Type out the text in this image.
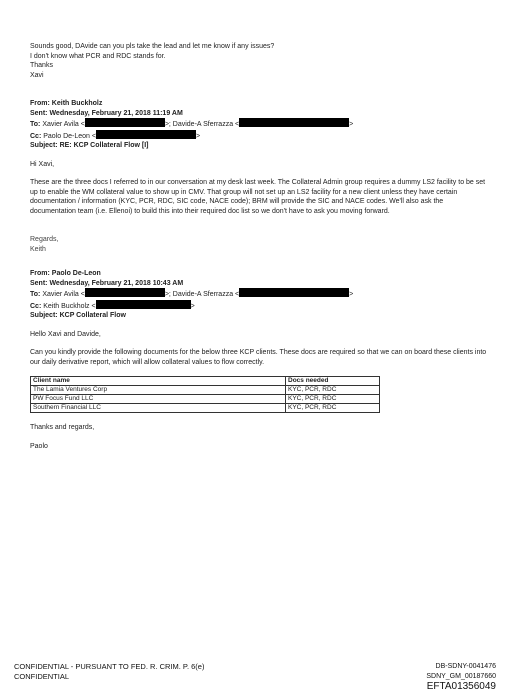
Sounds good, DAvide can you pls take the lead and let me know if any issues?
I don't know what PCR and RDC stands for.
Thanks
Xavi
From: Keith Buckholz
Sent: Wednesday, February 21, 2018 11:19 AM
To: Xavier Avila <	>; Davide-A Sferrazza <	>
Cc: Paolo De-Leon <	>
Subject: RE: KCP Collateral Flow [I]
Hi Xavi,
These are the three docs I referred to in our conversation at my desk last week. The Collateral Admin group requires a dummy LS2 facility to be set up to enable the WM collateral value to show up in CMV. That group will not set up an LS2 facility for a new client unless they have certain documentation / information (KYC, PCR, RDC, SIC code, NACE code); BRM will provide the SIC and NACE codes. We'll also ask the documentation team (i.e. Ellenoi) to build this into their required doc list so we don't have to ask you moving forward.
Regards,
Keith
From: Paolo De-Leon
Sent: Wednesday, February 21, 2018 10:43 AM
To: Xavier Avila <	>; Davide-A Sferrazza <	>
Cc: Keith Buckholz <	>
Subject: KCP Collateral Flow
Hello Xavi and Davide,
Can you kindly provide the following documents for the below three KCP clients. These docs are required so that we can on board these clients into our daily derivative report, which will allow collateral values to flow correctly.
Client name	Docs needed
The Lamia Ventures Corp	KYC, PCR, RDC
PW Focus Fund LLC	KYC, PCR, RDC
Southern Financial LLC	KYC, PCR, RDC
Thanks and regards,
Paolo
CONFIDENTIAL - PURSUANT TO FED. R. CRIM. P. 6(e)
CONFIDENTIAL
DB-SDNY-0041476
SDNY_GM_00187660
EFTA01356049
